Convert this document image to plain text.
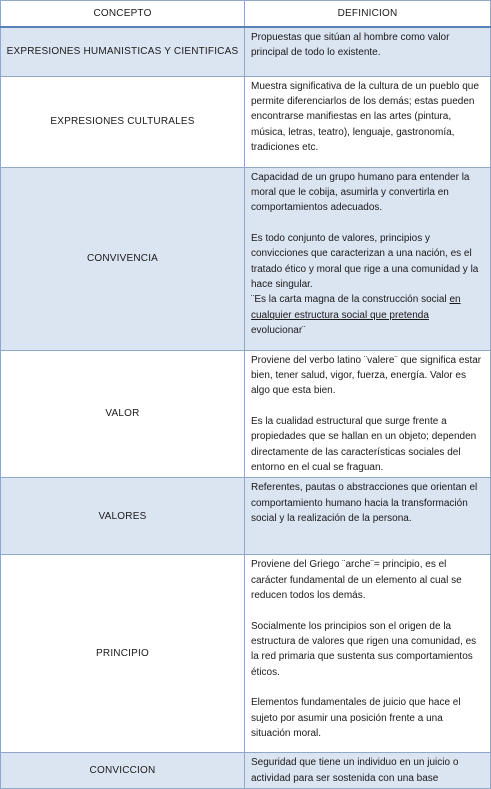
CONCEPTO	DEFINICION
EXPRESIONES HUMANISTICAS Y CIENTIFICAS	Propuestas que sitúan al hombre como valor principal de todo lo existente.

EXPRESIONES CULTURALES	Muestra significativa de la cultura de un pueblo que permite diferenciarlos de los demás; estas pueden encontrarse manifiestas en las artes (pintura, música, letras, teatro), lenguaje, gastronomía, tradiciones etc.

CONVIVENCIA	Capacidad de un grupo humano para entender la moral que le cobija, asumirla y convertirla en comportamientos adecuados.

Es todo conjunto de valores, principios y convicciones que caracterizan a una nación, es el tratado ético y moral que rige a una comunidad y la hace singular.
¨Es la carta magna de la construcción social en cualquier estructura social que pretenda evolucionar¨

VALOR	Proviene del verbo latino ¨valere¨ que significa estar bien, tener salud, vigor, fuerza, energía. Valor es algo que esta bien.

Es la cualidad estructural que surge frente a propiedades que se hallan en un objeto; dependen directamente de las características sociales del entorno en el cual se fraguan.

VALORES	Referentes, pautas o abstracciones que orientan el comportamiento humano hacia la transformación social y la realización de la persona.

PRINCIPIO	Proviene del Griego ¨arche¨= principio, es el carácter fundamental de un elemento al cual se reducen todos los demás.

Socialmente los principios son el origen de la estructura de valores que rigen una comunidad, es la red primaria que sustenta sus comportamientos éticos.

Elementos fundamentales de juicio que hace el sujeto por asumir una posición frente a una situación moral.

CONVICCION	Seguridad que tiene un individuo en un juicio o actividad para ser sostenida con una base
